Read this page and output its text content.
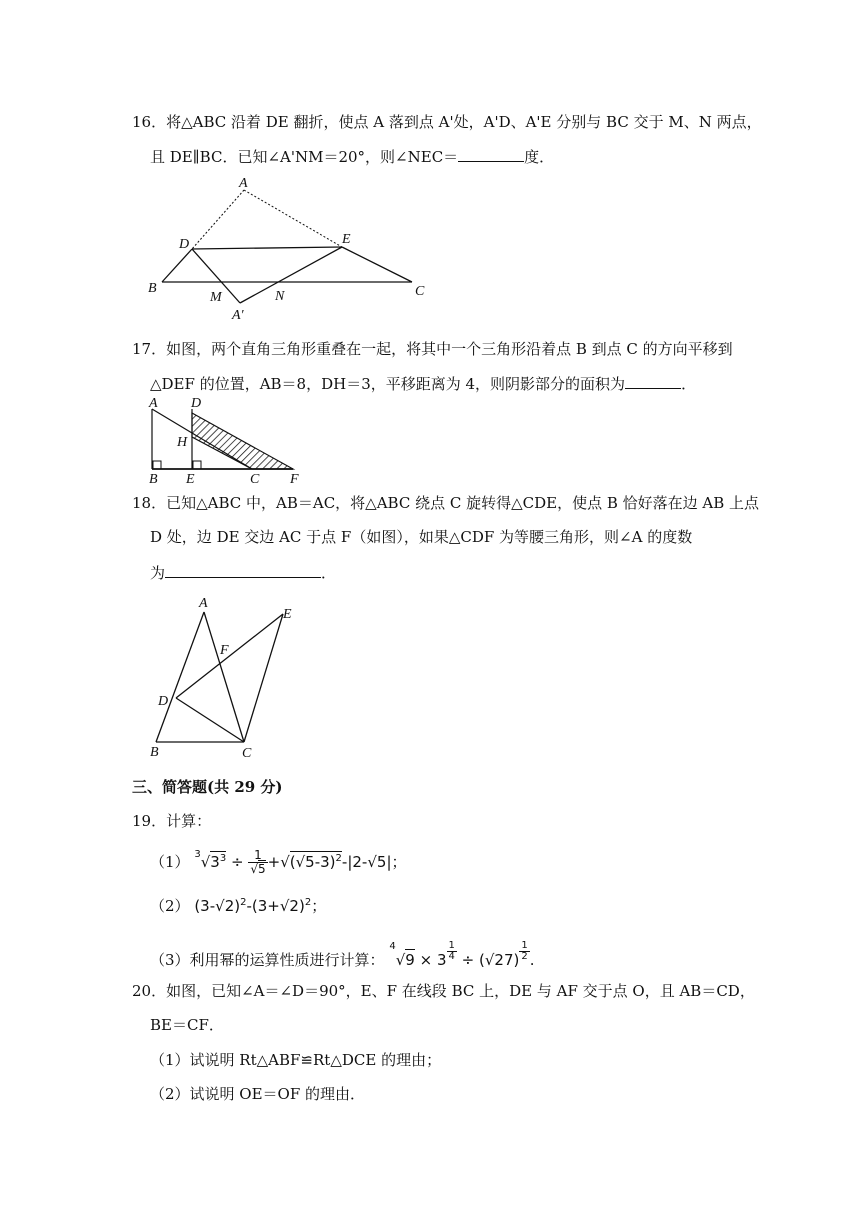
16．将△ABC 沿着 DE 翻折，使点 A 落到点 A'处，A'D、A'E 分别与 BC 交于 M、N 两点，
且 DE∥BC．已知∠A'NM＝20°，则∠NEC＝	度．
A
D	E
B
M	N	C
A′
17．如图，两个直角三角形重叠在一起，将其中一个三角形沿着点 B 到点 C 的方向平移到
△DEF 的位置，AB＝8，DH＝3，平移距离为 4，则阴影部分的面积为	．
A D
H
B E	C F
18．已知△ABC 中，AB＝AC，将△ABC 绕点 C 旋转得△CDE，使点 B 恰好落在边 AB 上点
D 处，边 DE 交边 AC 于点 F（如图），如果△CDF 为等腰三角形，则∠A 的度数
为	．
A
E
F
D
B	C
三、简答题(共 29 分)
19．计算：
（1） $^3√3^3 \div \frac{1}{√5} +√(√5-3)^2-|2-√5|$；
（2） $(3-√2)^2-(3+√2)^2$；
（3）利用幂的运算性质进行计算： $^4√9 \times 3 \frac{1}{4} \div (√27) \frac{1}{2}$ .
20．如图，已知∠A＝∠D＝90°，E、F 在线段 BC 上，DE 与 AF 交于点 O，且 AB＝CD，
BE＝CF．
（1）试说明 Rt△ABF≌Rt△DCE 的理由；
（2）试说明 OE＝OF 的理由．
